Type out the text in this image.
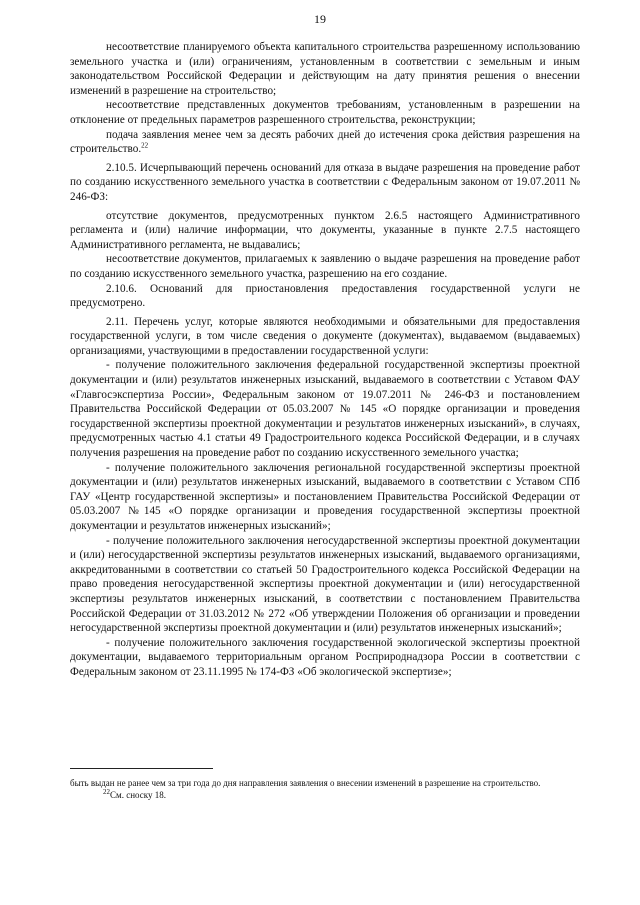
19

несоответствие планируемого объекта капитального строительства разрешенному использованию земельного участка и (или) ограничениям, установленным в соответствии с земельным и иным законодательством Российской Федерации и действующим на дату принятия решения о внесении изменений в разрешение на строительство;

несоответствие представленных документов требованиям, установленным в разрешении на отклонение от предельных параметров разрешенного строительства, реконструкции;

подача заявления менее чем за десять рабочих дней до истечения срока действия разрешения на строительство.$^{22}$

2.10.5. Исчерпывающий перечень оснований для отказа в выдаче разрешения на проведение работ по созданию искусственного земельного участка в соответствии с Федеральным законом от 19.07.2011 № 246-ФЗ:

отсутствие документов, предусмотренных пунктом 2.6.5 настоящего Административного регламента и (или) наличие информации, что документы, указанные в пункте 2.7.5 настоящего Административного регламента, не выдавались;

несоответствие документов, прилагаемых к заявлению о выдаче разрешения на проведение работ по созданию искусственного земельного участка, разрешению на его создание.

2.10.6. Оснований для приостановления предоставления государственной услуги не предусмотрено.

2.11. Перечень услуг, которые являются необходимыми и обязательными для предоставления государственной услуги, в том числе сведения о документе (документах), выдаваемом (выдаваемых) организациями, участвующими в предоставлении государственной услуги:

- получение положительного заключения федеральной государственной экспертизы проектной документации и (или) результатов инженерных изысканий, выдаваемого в соответствии с Уставом ФАУ «Главгосэкспертиза России», Федеральным законом от 19.07.2011 № 246-ФЗ и постановлением Правительства Российской Федерации от 05.03.2007 № 145 «О порядке организации и проведения государственной экспертизы проектной документации и результатов инженерных изысканий», в случаях, предусмотренных частью 4.1 статьи 49 Градостроительного кодекса Российской Федерации, и в случаях получения разрешения на проведение работ по созданию искусственного земельного участка;

- получение положительного заключения региональной государственной экспертизы проектной документации и (или) результатов инженерных изысканий, выдаваемого в соответствии с Уставом СПб ГАУ «Центр государственной экспертизы» и постановлением Правительства Российской Федерации от 05.03.2007 №145 «О порядке организации и проведения государственной экспертизы проектной документации и результатов инженерных изысканий»;

- получение положительного заключения негосударственной экспертизы проектной документации и (или) негосударственной экспертизы результатов инженерных изысканий, выдаваемого организациями, аккредитованными в соответствии со статьей 50 Градостроительного кодекса Российской Федерации на право проведения негосударственной экспертизы проектной документации и (или) негосударственной экспертизы результатов инженерных изысканий, в соответствии с постановлением Правительства Российской Федерации от 31.03.2012 № 272 «Об утверждении Положения об организации и проведении негосударственной экспертизы проектной документации и (или) результатов инженерных изысканий»;

- получение положительного заключения государственной экологической экспертизы проектной документации, выдаваемого территориальным органом Росприроднадзора России в соответствии с Федеральным законом от 23.11.1995 № 174-ФЗ «Об экологической экспертизе»;

быть выдан не ранее чем за три года до дня направления заявления о внесении изменений в разрешение на строительство.

$^{22}$См. сноску 18.
